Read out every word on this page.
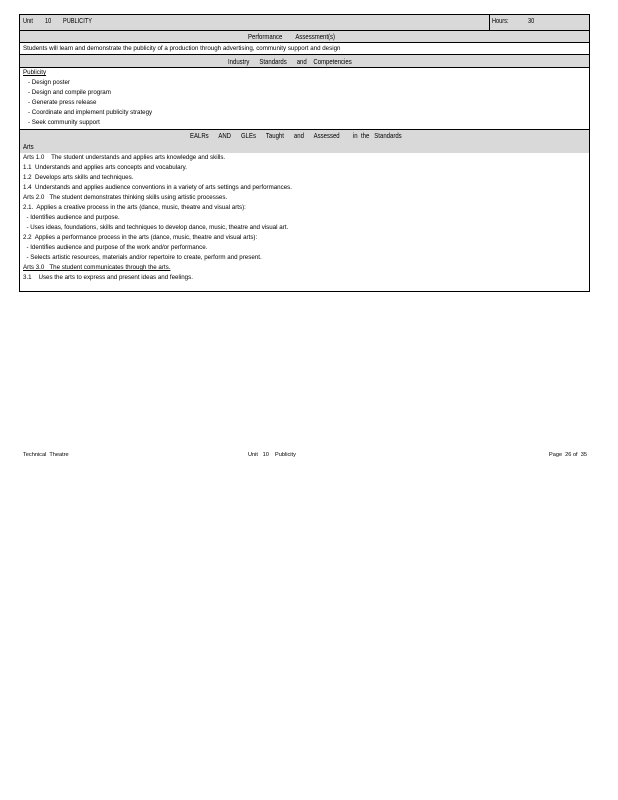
Unit 10 PUBLICITY	Hours:	30
Performance        Assessment(s)
Students will learn and demonstrate the publicity of a production through advertising, community support and design
Industry      Standards      and    Competencies
Publicity
- Design poster
- Design and compile program
- Generate press release
- Coordinate and implement publicity strategy
- Seek community support
EALRs      AND      GLEs      Taught      and      Assessed        in  the   Standards
Arts
Arts 1.0    The student understands and applies arts knowledge and skills.
1.1  Understands and applies arts concepts and vocabulary.
1.2  Develops arts skills and techniques.
1.4  Understands and applies audience conventions in a variety of arts settings and performances.
Arts 2.0   The student demonstrates thinking skills using artistic processes.
2.1.  Applies a creative process in the arts (dance, music, theatre and visual arts):
- Identifies audience and purpose.
- Uses ideas, foundations, skills and techniques to develop dance, music, theatre and visual art.
2.2  Applies a performance process in the arts (dance, music, theatre and visual arts):
- Identifies audience and purpose of the work and/or performance.
- Selects artistic resources, materials and/or repertoire to create, perform and present.
Arts 3.0   The student communicates through the arts.
3.1    Uses the arts to express and present ideas and feelings.
Technical  Theatre	Unit   10    Publicity	Page  26 of  35
